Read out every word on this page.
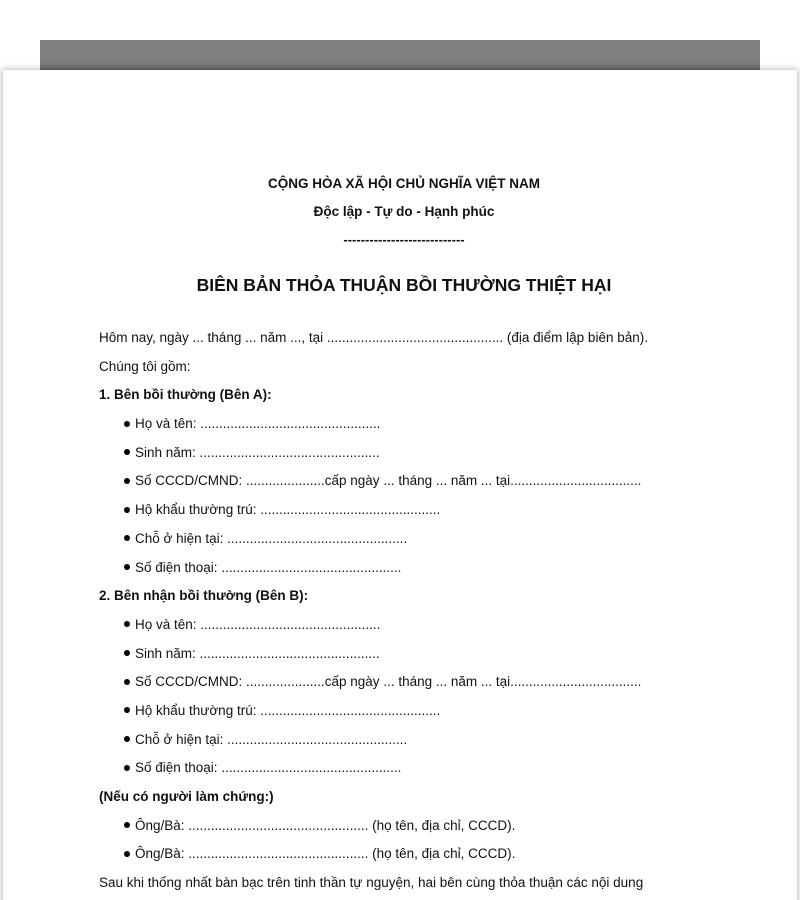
CỘNG HÒA XÃ HỘI CHỦ NGHĨA VIỆT NAM
Độc lập - Tự do - Hạnh phúc
----------------------------
BIÊN BẢN THỎA THUẬN BỒI THƯỜNG THIỆT HẠI
Hôm nay, ngày ... tháng ... năm ..., tại ............................................... (địa điểm lập biên bản).
Chúng tôi gồm:
1. Bên bồi thường (Bên A):
Họ và tên: ................................................
Sinh năm: ................................................
Số CCCD/CMND: .....................cấp ngày ... tháng ... năm ... tại...................................
Hộ khẩu thường trú: ................................................
Chỗ ở hiện tại: ................................................
Số điện thoại: ................................................
2. Bên nhận bồi thường (Bên B):
Họ và tên: ................................................
Sinh năm: ................................................
Số CCCD/CMND: .....................cấp ngày ... tháng ... năm ... tại...................................
Hộ khẩu thường trú: ................................................
Chỗ ở hiện tại: ................................................
Số điện thoại: ................................................
(Nếu có người làm chứng:)
Ông/Bà: ................................................ (họ tên, địa chỉ, CCCD).
Ông/Bà: ................................................ (họ tên, địa chỉ, CCCD).
Sau khi thống nhất bàn bạc trên tinh thần tự nguyện, hai bên cùng thỏa thuận các nội dung
